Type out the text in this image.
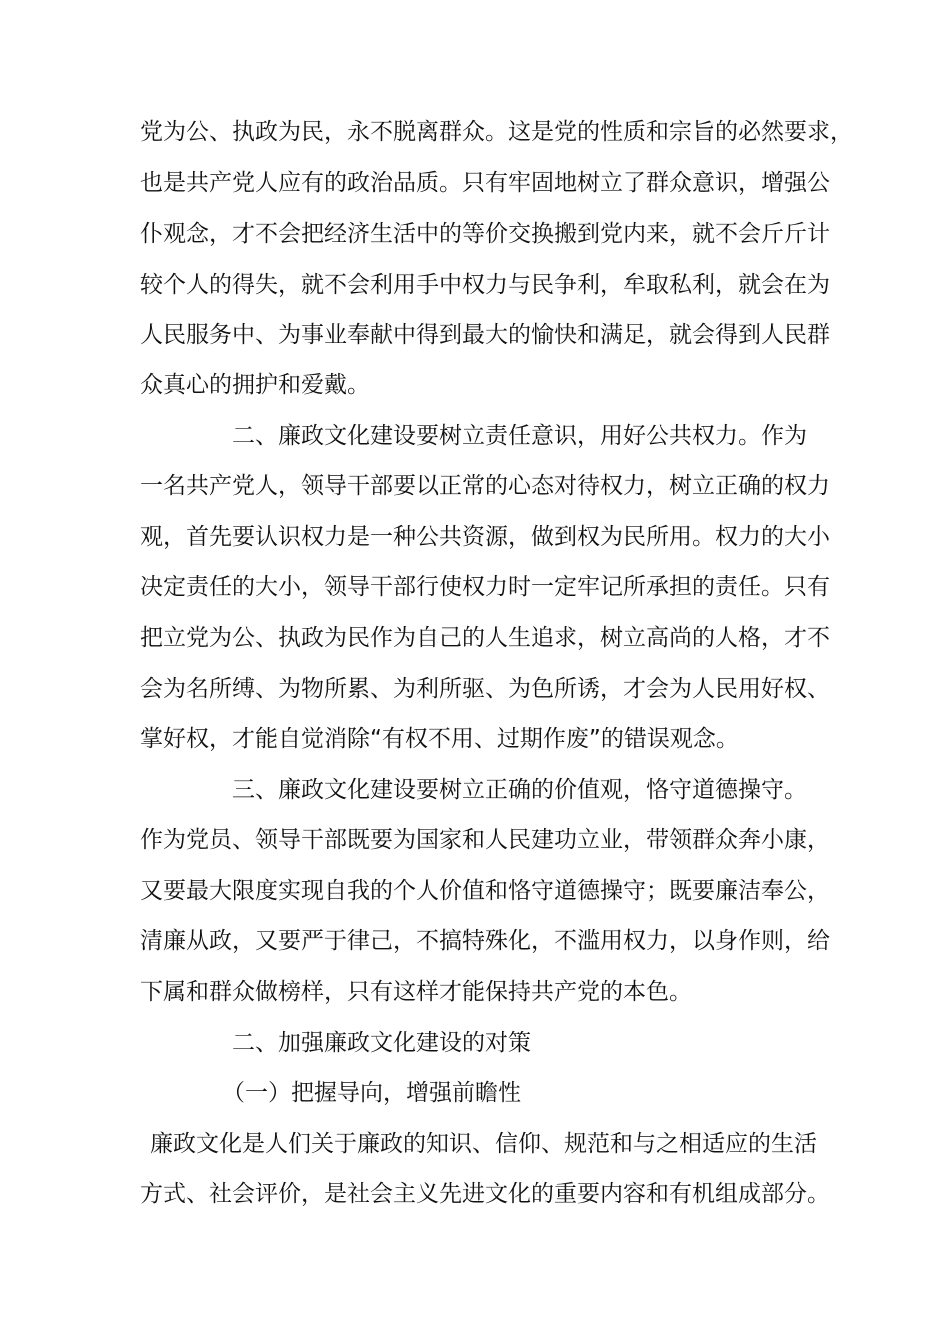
党为公、执政为民，永不脱离群众。这是党的性质和宗旨的必然要求，
也是共产党人应有的政治品质。只有牢固地树立了群众意识，增强公
仆观念，才不会把经济生活中的等价交换搬到党内来，就不会斤斤计
较个人的得失，就不会利用手中权力与民争利，牟取私利，就会在为
人民服务中、为事业奉献中得到最大的愉快和满足，就会得到人民群
众真心的拥护和爱戴。
二、廉政文化建设要树立责任意识，用好公共权力。作为
一名共产党人，领导干部要以正常的心态对待权力，树立正确的权力
观，首先要认识权力是一种公共资源，做到权为民所用。权力的大小
决定责任的大小，领导干部行使权力时一定牢记所承担的责任。只有
把立党为公、执政为民作为自己的人生追求，树立高尚的人格，才不
会为名所缚、为物所累、为利所驱、为色所诱，才会为人民用好权、
掌好权，才能自觉消除“有权不用、过期作废”的错误观念。
三、廉政文化建设要树立正确的价值观，恪守道德操守。
作为党员、领导干部既要为国家和人民建功立业，带领群众奔小康，
又要最大限度实现自我的个人价值和恪守道德操守；既要廉洁奉公，
清廉从政，又要严于律己，不搞特殊化，不滥用权力，以身作则，给
下属和群众做榜样，只有这样才能保持共产党的本色。
二、加强廉政文化建设的对策
（一）把握导向，增强前瞻性
廉政文化是人们关于廉政的知识、信仰、规范和与之相适应的生活
方式、社会评价，是社会主义先进文化的重要内容和有机组成部分。
